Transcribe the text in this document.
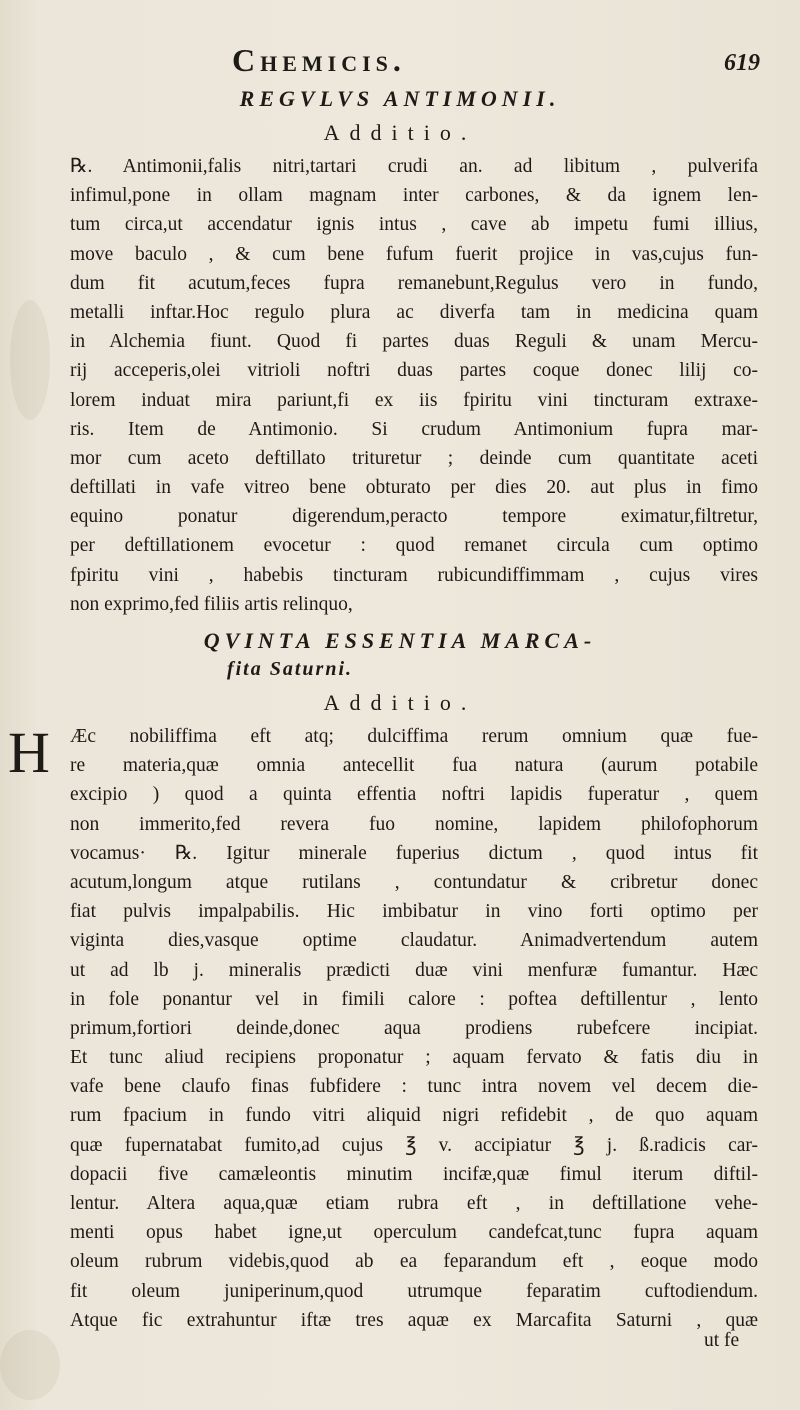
Chemicis.	619
REGVLVS ANTIMONII.
Additio.
℞. Antimonii,falis nitri,tartari crudi an. ad libitum , pulverifa
infimul,pone in ollam magnam inter carbones, & da ignem len-
tum circa,ut accendatur ignis intus , cave ab impetu fumi illius,
move baculo , & cum bene fufum fuerit projice in vas,cujus fun-
dum fit acutum,feces fupra remanebunt,Regulus vero in fundo,
metalli inftar.Hoc regulo plura ac diverfa tam in medicina quam
in Alchemia fiunt. Quod fi partes duas Reguli & unam Mercu-
rij acceperis,olei vitrioli noftri duas partes coque donec lilij co-
lorem induat mira pariunt,fi ex iis fpiritu vini tincturam extraxe-
ris. Item de Antimonio. Si crudum Antimonium fupra mar-
mor cum aceto deftillato trituretur ; deinde cum quantitate aceti
deftillati in vafe vitreo bene obturato per dies 20. aut plus in fimo
equino ponatur digerendum,peracto tempore eximatur,filtretur,
per deftillationem evocetur : quod remanet circula cum optimo
fpiritu vini , habebis tincturam rubicundiffimmam , cujus vires
non exprimo,fed filiis artis relinquo,
QVINTA ESSENTIA MARCA-
fita Saturni.
Additio.
H Æc nobiliffima eft atq; dulciffima rerum omnium quæ fue-
re materia,quæ omnia antecellit fua natura (aurum potabile
excipio ) quod a quinta effentia noftri lapidis fuperatur , quem
non immerito,fed revera fuo nomine, lapidem philofophorum
vocamus· ℞. Igitur minerale fuperius dictum , quod intus fit
acutum,longum atque rutilans , contundatur & cribretur donec
fiat pulvis impalpabilis. Hic imbibatur in vino forti optimo per
viginta dies,vasque optime claudatur. Animadvertendum autem
ut ad lb j. mineralis prædicti duæ vini menfuræ fumantur. Hæc
in fole ponantur vel in fimili calore : poftea deftillentur , lento
primum,fortiori deinde,donec aqua prodiens rubefcere incipiat.
Et tunc aliud recipiens proponatur ; aquam fervato & fatis diu in
vafe bene claufo finas fubfidere : tunc intra novem vel decem die-
rum fpacium in fundo vitri aliquid nigri refidebit , de quo aquam
quæ fupernatabat fumito,ad cujus ℥ v. accipiatur ℥ j. ß.radicis car-
dopacii five camæleontis minutim incifæ,quæ fimul iterum diftil-
lentur. Altera aqua,quæ etiam rubra eft , in deftillatione vehe-
menti opus habet igne,ut operculum candefcat,tunc fupra aquam
oleum rubrum videbis,quod ab ea feparandum eft , eoque modo
fit oleum juniperinum,quod utrumque feparatim cuftodiendum.
Atque fic extrahuntur iftæ tres aquæ ex Marcafita Saturni , quæ
ut fe
